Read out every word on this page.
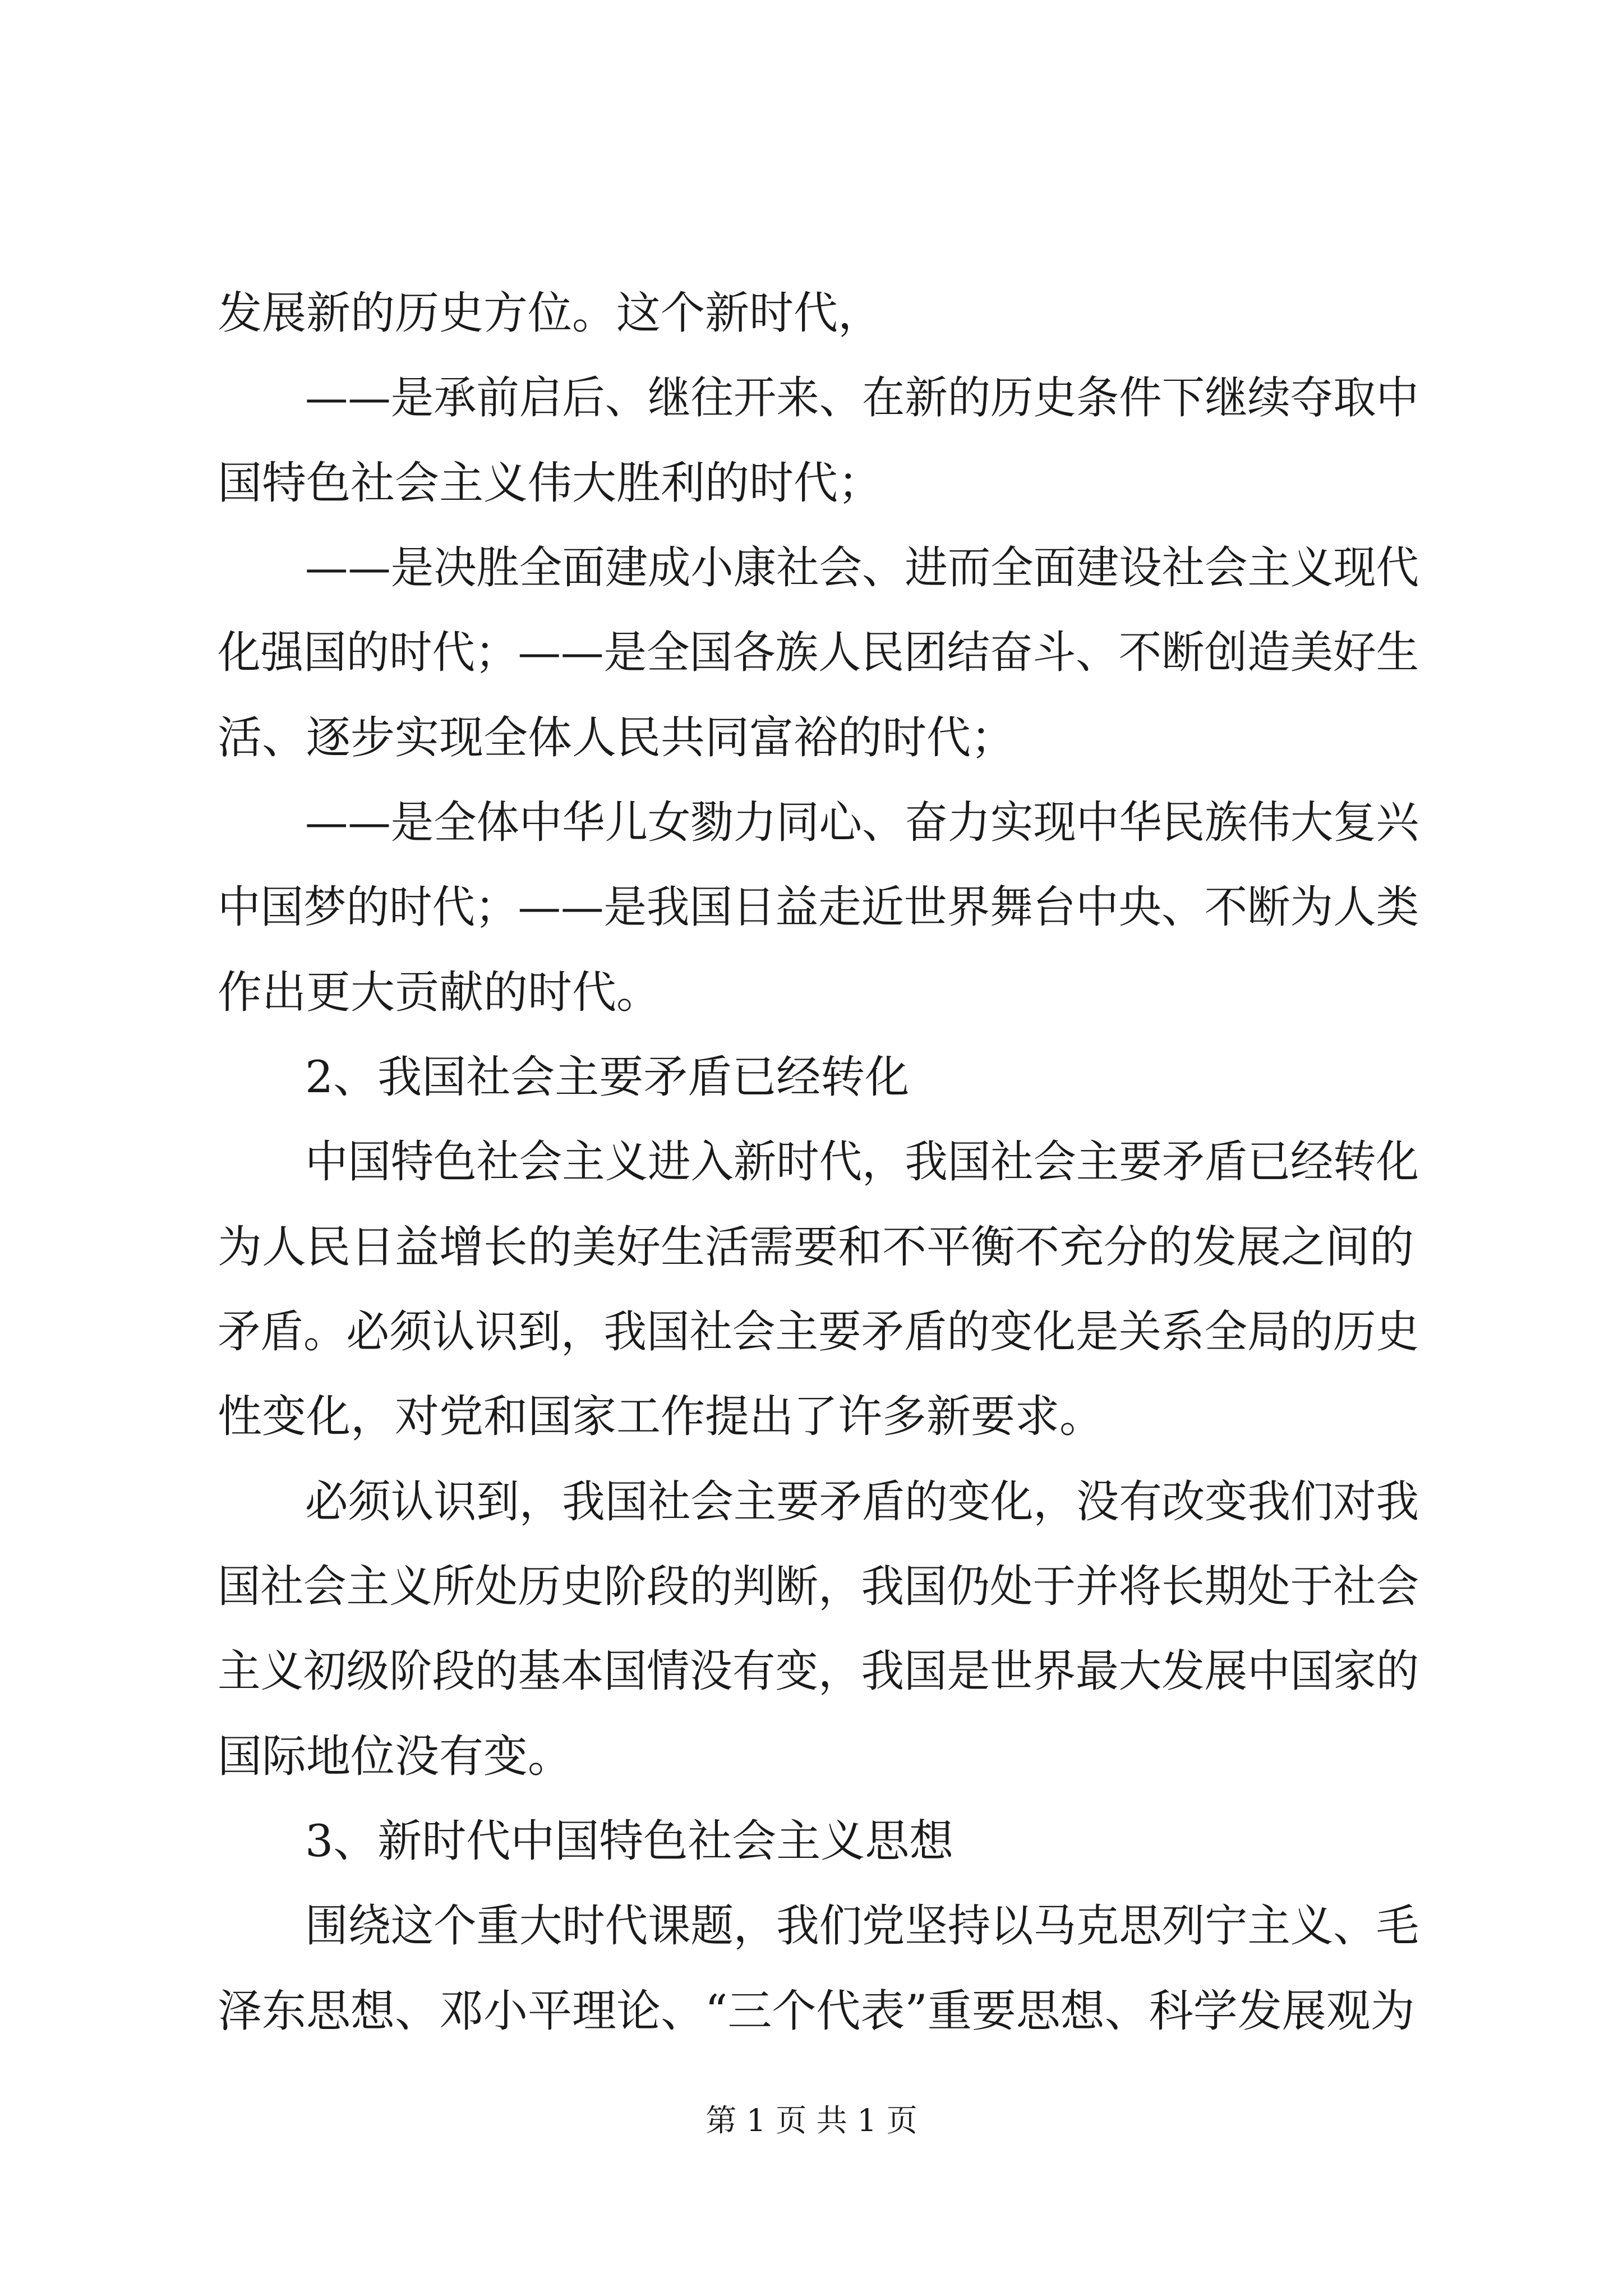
发展新的历史方位。这个新时代，
——是承前启后、继往开来、在新的历史条件下继续夺取中
国特色社会主义伟大胜利的时代；
——是决胜全面建成小康社会、进而全面建设社会主义现代
化强国的时代；——是全国各族人民团结奋斗、不断创造美好生
活、逐步实现全体人民共同富裕的时代；
——是全体中华儿女勠力同心、奋力实现中华民族伟大复兴
中国梦的时代；——是我国日益走近世界舞台中央、不断为人类
作出更大贡献的时代。
2、我国社会主要矛盾已经转化
中国特色社会主义进入新时代，我国社会主要矛盾已经转化
为人民日益增长的美好生活需要和不平衡不充分的发展之间的
矛盾。必须认识到，我国社会主要矛盾的变化是关系全局的历史
性变化，对党和国家工作提出了许多新要求。
必须认识到，我国社会主要矛盾的变化，没有改变我们对我
国社会主义所处历史阶段的判断，我国仍处于并将长期处于社会
主义初级阶段的基本国情没有变，我国是世界最大发展中国家的
国际地位没有变。
3、新时代中国特色社会主义思想
围绕这个重大时代课题，我们党坚持以马克思列宁主义、毛
泽东思想、邓小平理论、“三个代表”重要思想、科学发展观为
第 1 页 共 1 页
